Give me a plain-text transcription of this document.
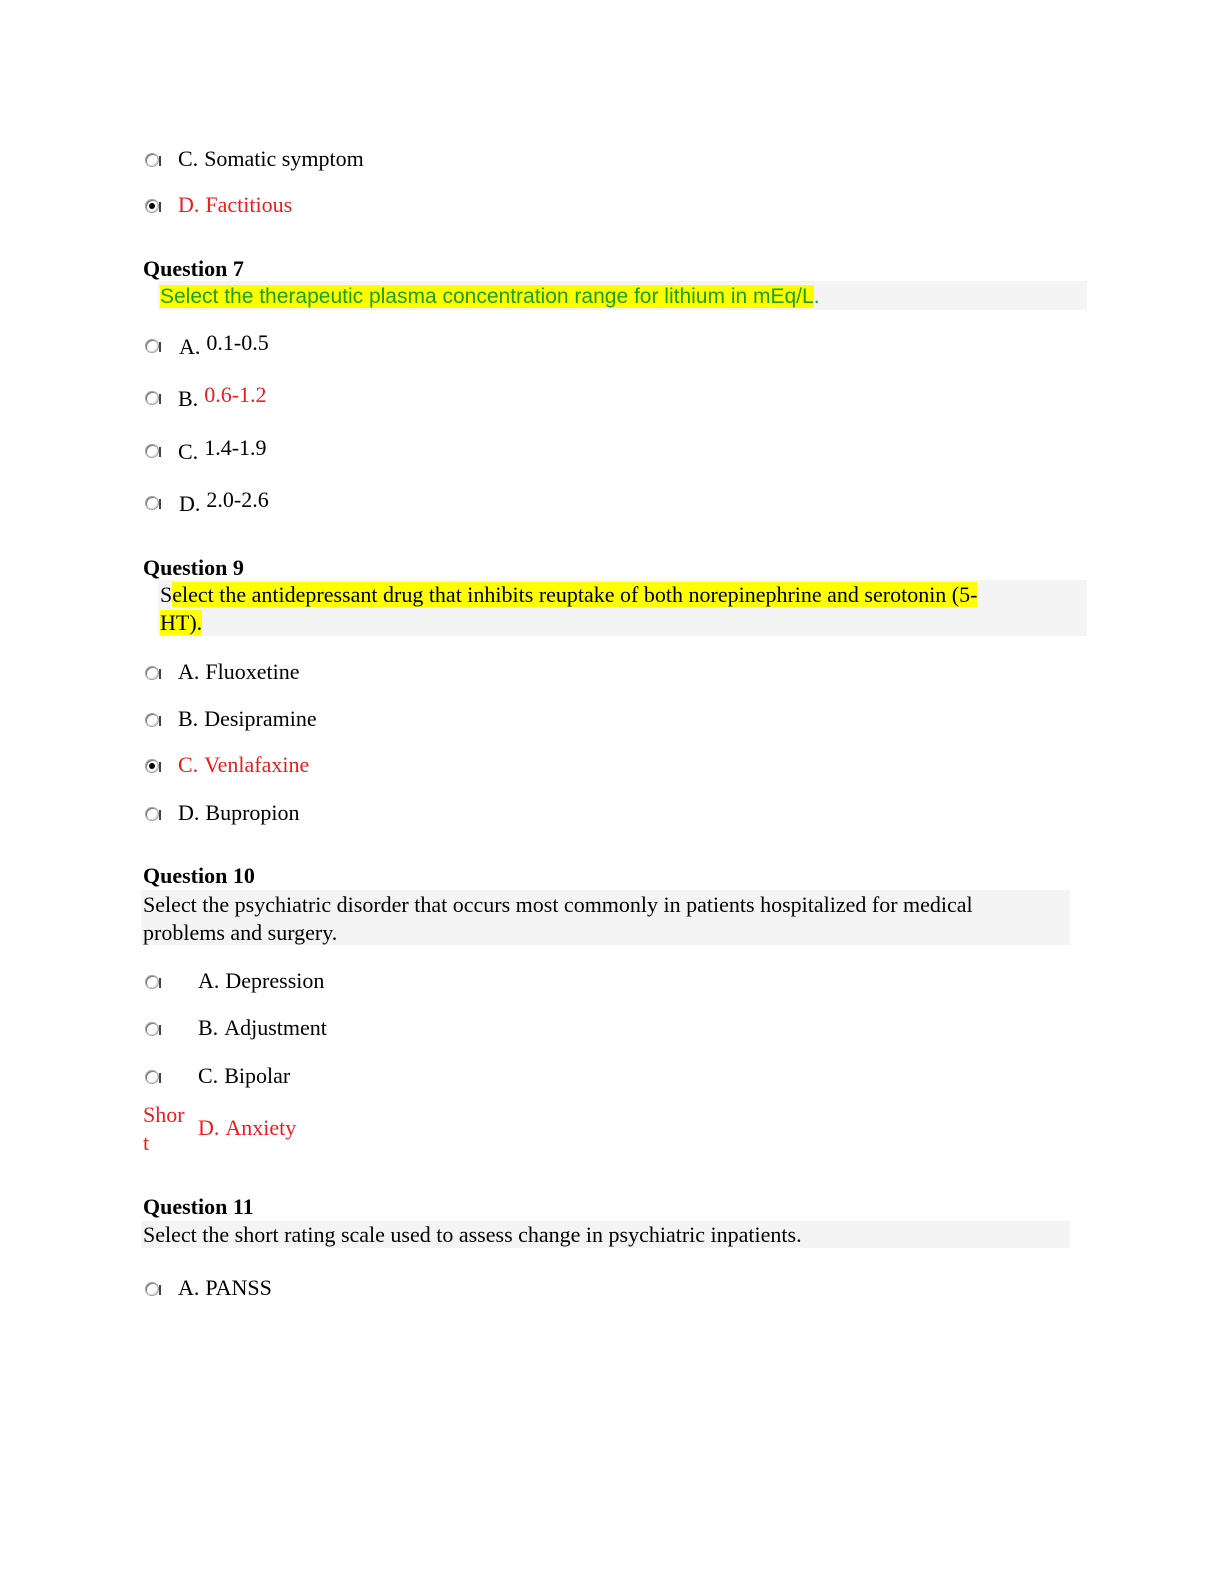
C. Somatic symptom
D. Factitious
Question 7
Select the therapeutic plasma concentration range for lithium in mEq/L.
A. 0.1-0.5
B. 0.6-1.2
C. 1.4-1.9
D. 2.0-2.6
Question 9
Select the antidepressant drug that inhibits reuptake of both norepinephrine and serotonin (5-
HT).
A. Fluoxetine
B. Desipramine
C. Venlafaxine
D. Bupropion
Question 10
Select the psychiatric disorder that occurs most commonly in patients hospitalized for medical
problems and surgery.
A. Depression
B. Adjustment
C. Bipolar
Shor
t
D. Anxiety
Question 11
Select the short rating scale used to assess change in psychiatric inpatients.
A. PANSS
